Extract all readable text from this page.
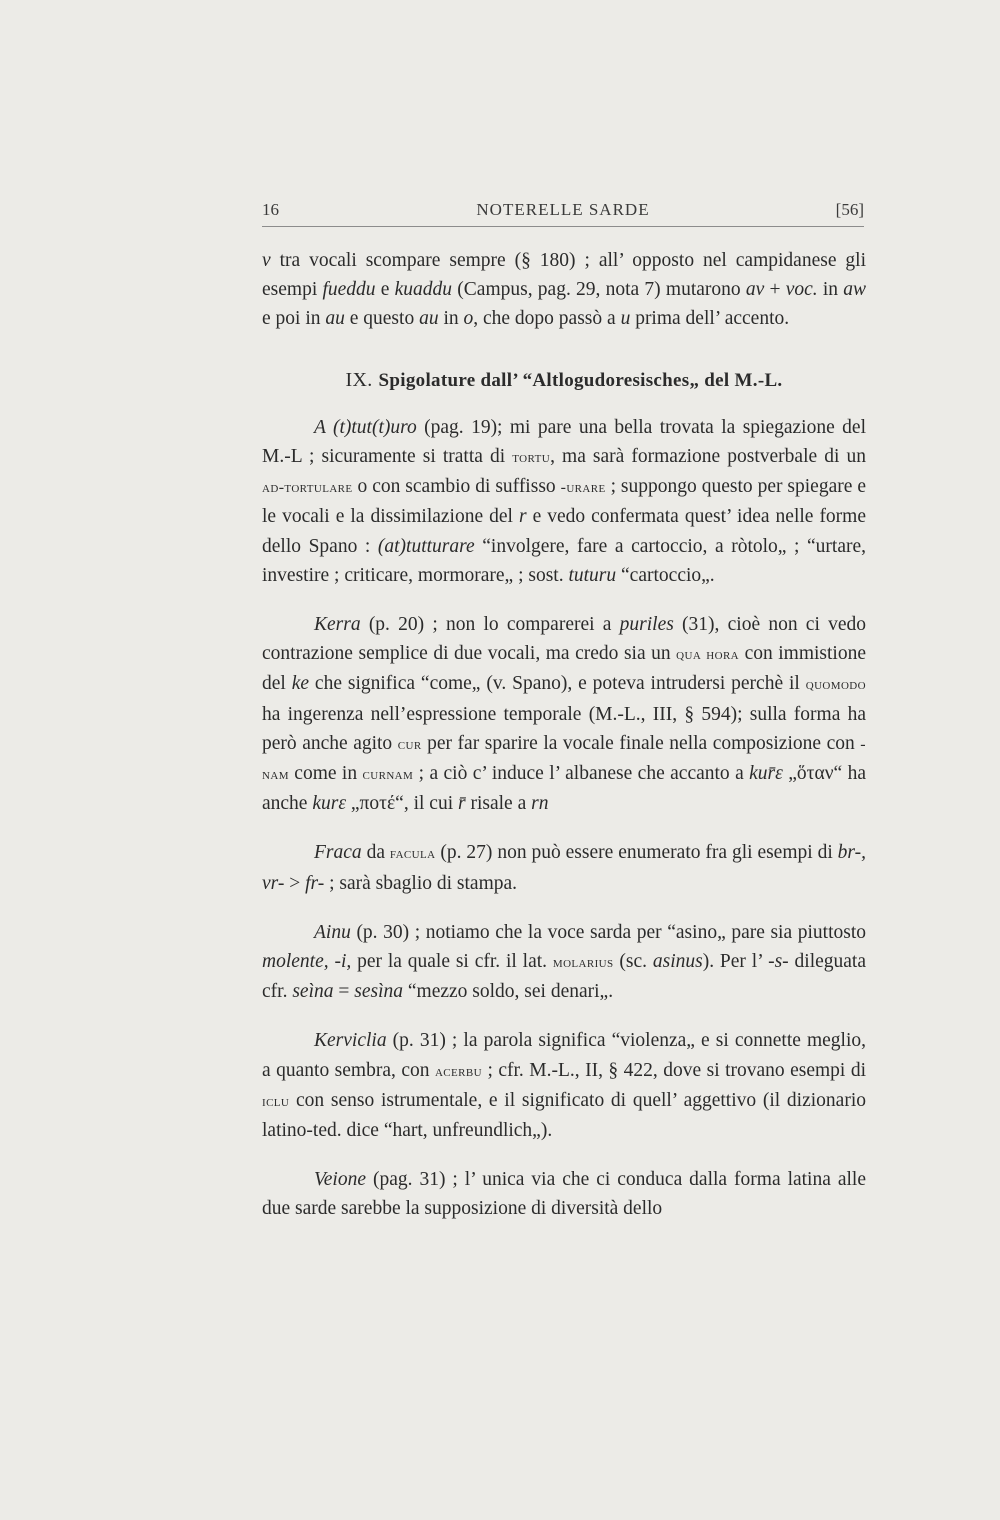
16	NOTERELLE SARDE	[56]

v tra vocali scompare sempre (§ 180) ; all’ opposto nel campidanese gli esempi fueddu e kuaddu (Campus, pag. 29, nota 7) mutarono av + voc. in aw e poi in au e questo au in o, che dopo passò a u prima dell’ accento.

IX. Spigolature dall’ “Altlogudoresisches„ del M.-L.

A (t)tut(t)uro (pag. 19); mi pare una bella trovata la spiegazione del M.-L ; sicuramente si tratta di tortu, ma sarà formazione postverbale di un ad-tortulare o con scambio di suffisso -urare ; suppongo questo per spiegare e le vocali e la dissimilazione del r e vedo confermata quest’ idea nelle forme dello Spano : (at)tutturare “involgere, fare a cartoccio, a ròtolo„ ; “urtare, investire ; criticare, mormorare„ ; sost. tuturu “cartoccio„.

Kerra (p. 20) ; non lo comparerei a puriles (31), cioè non ci vedo contrazione semplice di due vocali, ma credo sia un qua hora con immistione del ke che significa “come„ (v. Spano), e poteva intrudersi perchè il quomodo ha ingerenza nell’espressione temporale (M.-L., III, § 594); sulla forma ha però anche agito cur per far sparire la vocale finale nella composizione con -nam come in curnam ; a ciò c’ induce l’ albanese che accanto a kur̄ε „ὅταν“ ha anche kurε „ποτέ“, il cui r̄ risale a rn

Fraca da facula (p. 27) non può essere enumerato fra gli esempi di br-, vr- > fr- ; sarà sbaglio di stampa.

Ainu (p. 30) ; notiamo che la voce sarda per “asino„ pare sia piuttosto molente, -i, per la quale si cfr. il lat. molarius (sc. asinus). Per l’ -s- dileguata cfr. seìna = sesìna “mezzo soldo, sei denari„.

Kerviclia (p. 31) ; la parola significa “violenza„ e si connette meglio, a quanto sembra, con acerbu ; cfr. M.-L., II, § 422, dove si trovano esempi di iclu con senso istrumentale, e il significato di quell’ aggettivo (il dizionario latino-ted. dice “hart, unfreundlich„).

Veione (pag. 31) ; l’ unica via che ci conduca dalla forma latina alle due sarde sarebbe la supposizione di diversità dello
